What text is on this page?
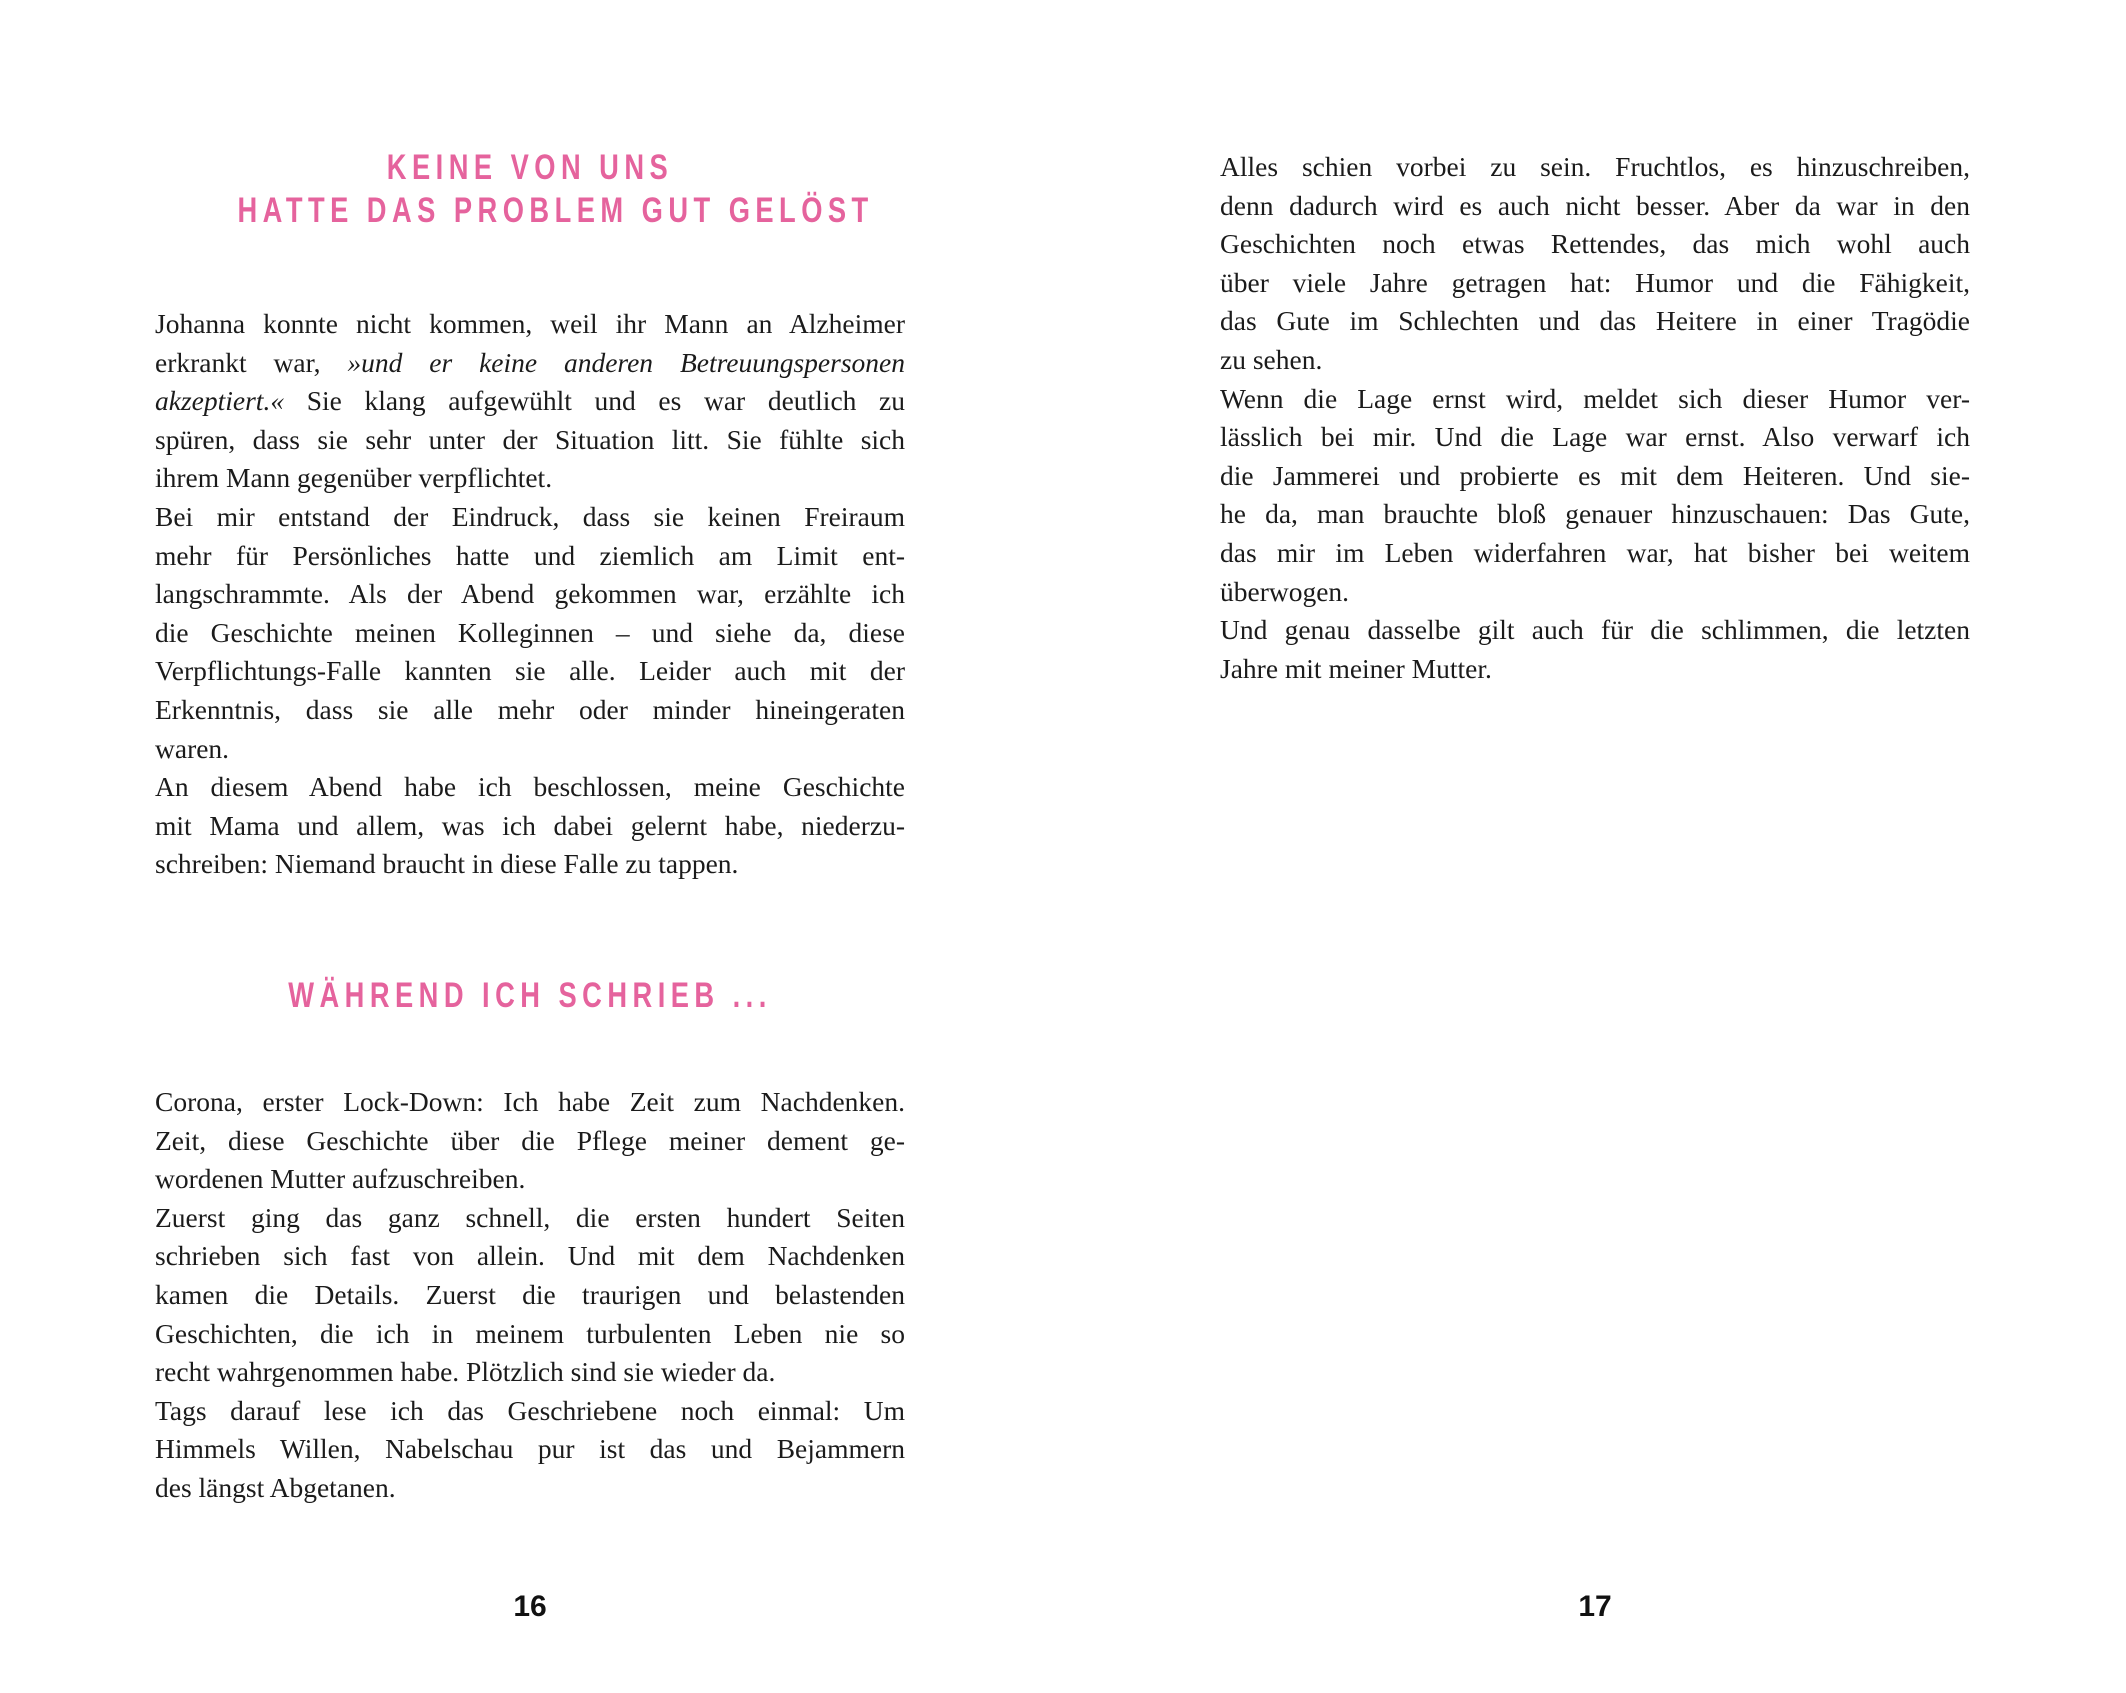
KEINE VON UNS
HATTE DAS PROBLEM GUT GELÖST
Johanna konnte nicht kommen, weil ihr Mann an Alzheimer
erkrankt war, »und er keine anderen Betreuungspersonen
akzeptiert.« Sie klang aufgewühlt und es war deutlich zu
spüren, dass sie sehr unter der Situation litt. Sie fühlte sich
ihrem Mann gegenüber verpflichtet.
Bei mir entstand der Eindruck, dass sie keinen Freiraum
mehr für Persönliches hatte und ziemlich am Limit ent-
langschrammte. Als der Abend gekommen war, erzählte ich
die Geschichte meinen Kolleginnen – und siehe da, diese
Verpflichtungs-Falle kannten sie alle. Leider auch mit der
Erkenntnis, dass sie alle mehr oder minder hineingeraten
waren.
An diesem Abend habe ich beschlossen, meine Geschichte
mit Mama und allem, was ich dabei gelernt habe, niederzu-
schreiben: Niemand braucht in diese Falle zu tappen.
WÄHREND ICH SCHRIEB ...
Corona, erster Lock-Down: Ich habe Zeit zum Nachdenken.
Zeit, diese Geschichte über die Pflege meiner dement ge-
wordenen Mutter aufzuschreiben.
Zuerst ging das ganz schnell, die ersten hundert Seiten
schrieben sich fast von allein. Und mit dem Nachdenken
kamen die Details. Zuerst die traurigen und belastenden
Geschichten, die ich in meinem turbulenten Leben nie so
recht wahrgenommen habe. Plötzlich sind sie wieder da.
Tags darauf lese ich das Geschriebene noch einmal: Um
Himmels Willen, Nabelschau pur ist das und Bejammern
des längst Abgetanen.
16
Alles schien vorbei zu sein. Fruchtlos, es hinzuschreiben,
denn dadurch wird es auch nicht besser. Aber da war in den
Geschichten noch etwas Rettendes, das mich wohl auch
über viele Jahre getragen hat: Humor und die Fähigkeit,
das Gute im Schlechten und das Heitere in einer Tragödie
zu sehen.
Wenn die Lage ernst wird, meldet sich dieser Humor ver-
lässlich bei mir. Und die Lage war ernst. Also verwarf ich
die Jammerei und probierte es mit dem Heiteren. Und sie-
he da, man brauchte bloß genauer hinzuschauen: Das Gute,
das mir im Leben widerfahren war, hat bisher bei weitem
überwogen.
Und genau dasselbe gilt auch für die schlimmen, die letzten
Jahre mit meiner Mutter.
17
